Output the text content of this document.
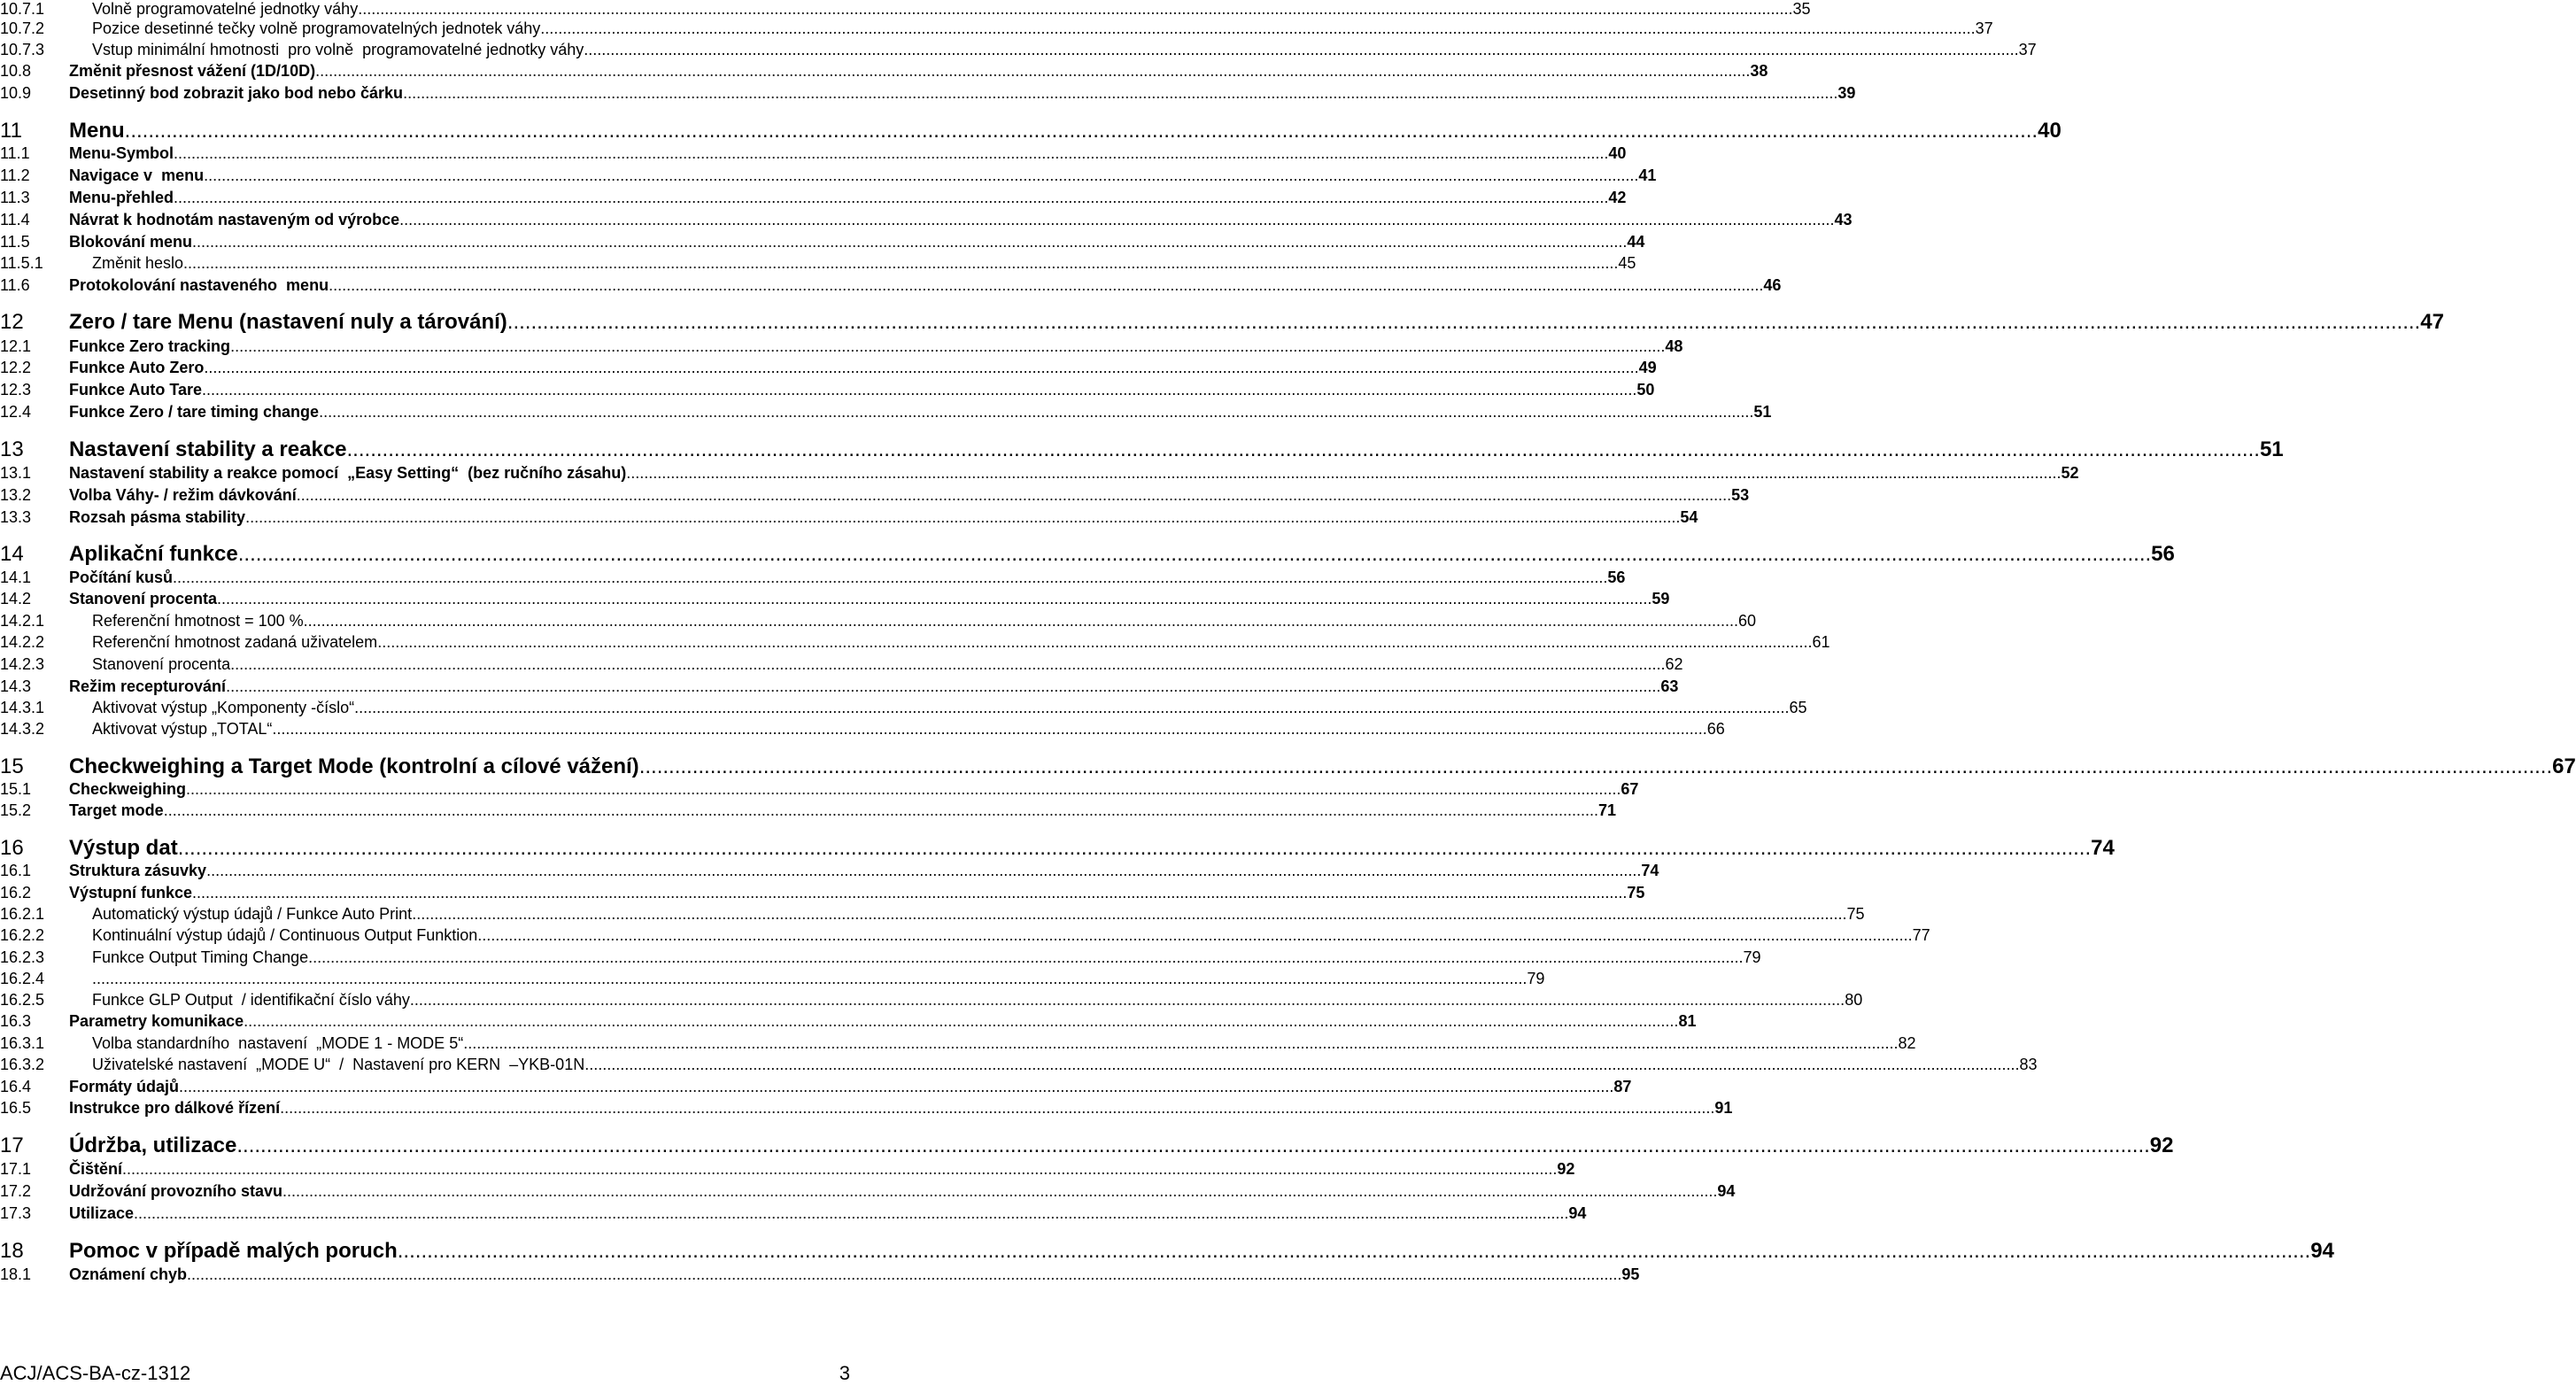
10.7.1	Volně programovatelné jednotky váhy .....	35
10.7.2	Pozice desetinné tečky volně programovatelných jednotek váhy .....	37
10.7.3	Vstup minimální hmotnosti  pro volně  programovatelné jednotky váhy .....	37
10.8	Změnit přesnost vážení (1D/10D) .....	38
10.9	Desetinný bod zobrazit jako bod nebo čárku .....	39
11	Menu .....	40
11.1	Menu-Symbol .....	40
11.2	Navigace v  menu .....	41
11.3	Menu-přehled .....	42
11.4	Návrat k hodnotám nastaveným od výrobce .....	43
11.5	Blokování menu .....	44
11.5.1	Změnit heslo .....	45
11.6	Protokolování nastaveného  menu .....	46
12	Zero / tare Menu (nastavení nuly a tárování) .....	47
12.1	Funkce Zero tracking .....	48
12.2	Funkce Auto Zero .....	49
12.3	Funkce Auto Tare .....	50
12.4	Funkce Zero / tare timing change .....	51
13	Nastavení stability a reakce .....	51
13.1	Nastavení stability a reakce pomocí  „Easy Setting“  (bez ručního zásahu) .....	52
13.2	Volba Váhy- / režim dávkování .....	53
13.3	Rozsah pásma stability .....	54
14	Aplikační funkce .....	56
14.1	Počítání kusů .....	56
14.2	Stanovení procenta .....	59
14.2.1	Referenční hmotnost = 100 % .....	60
14.2.2	Referenční hmotnost zadaná uživatelem .....	61
14.2.3	Stanovení procenta .....	62
14.3	Režim recepturování .....	63
14.3.1	Aktivovat výstup „Komponenty -číslo“ .....	65
14.3.2	Aktivovat výstup „TOTAL“ .....	66
15	Checkweighing a Target Mode (kontrolní a cílové vážení) .....	67
15.1	Checkweighing .....	67
15.2	Target mode .....	71
16	Výstup dat .....	74
16.1	Struktura zásuvky .....	74
16.2	Výstupní funkce .....	75
16.2.1	Automatický výstup údajů / Funkce Auto Print .....	75
16.2.2	Kontinuální výstup údajů / Continuous Output Funktion .....	77
16.2.3	Funkce Output Timing Change .....	79
16.2.4 .....	79
16.2.5	Funkce GLP Output  / identifikační číslo váhy .....	80
16.3	Parametry komunikace .....	81
16.3.1	Volba standardního  nastavení  „MODE 1 - MODE 5“ .....	82
16.3.2	Uživatelské nastavení  „MODE U“  /  Nastavení pro KERN  –YKB-01N .....	83
16.4	Formáty údajů .....	87
16.5	Instrukce pro dálkové řízení .....	91
17	Údržba, utilizace .....	92
17.1	Čištění .....	92
17.2	Udržování provozního stavu .....	94
17.3	Utilizace .....	94
18	Pomoc v případě malých poruch .....	94
18.1	Oznámení chyb .....	95
ACJ/ACS-BA-cz-1312	3
